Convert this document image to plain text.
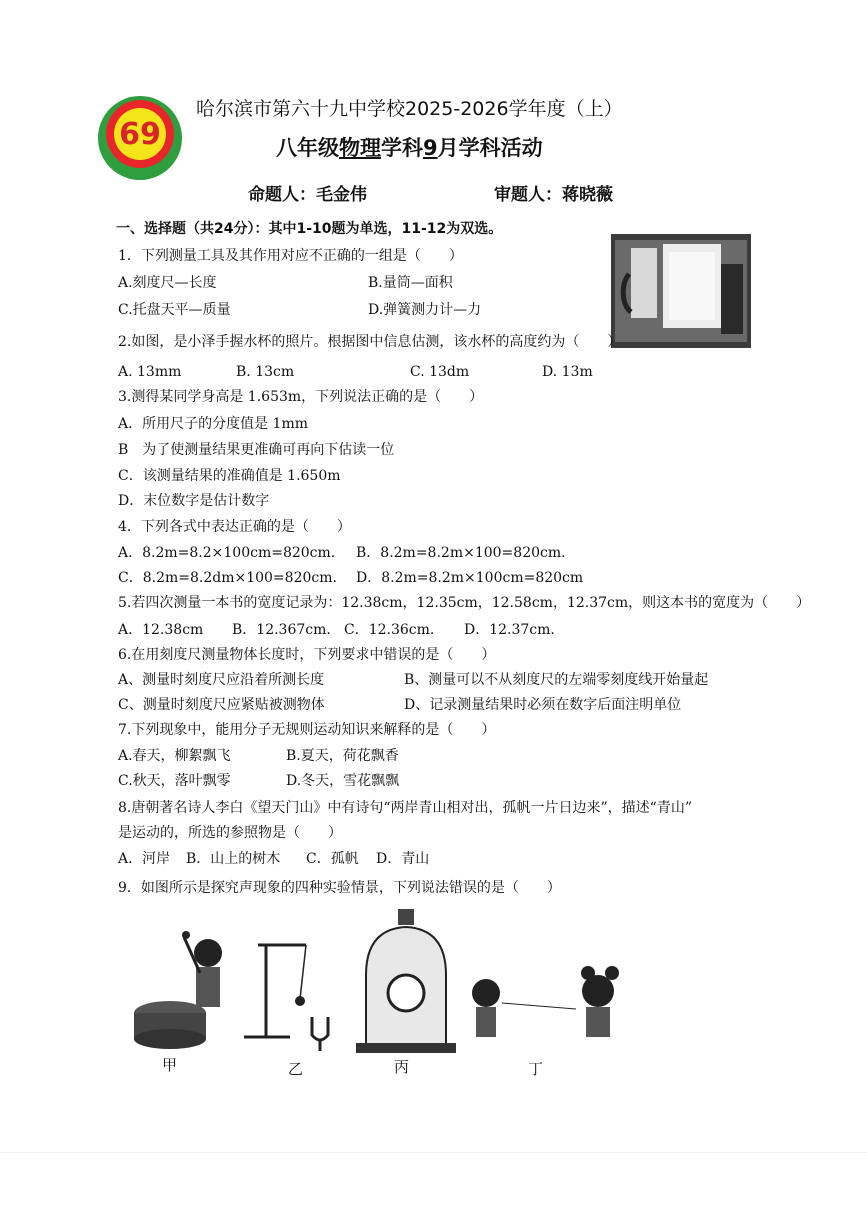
69
哈尔滨市第六十九中学校2025-2026学年度（上）
八年级物理学科9月学科活动
命题人：毛金伟	审题人：蒋晓薇
一、选择题（共24分）：其中1-10题为单选，11-12为双选。
1．下列测量工具及其作用对应不正确的一组是（　　）
A.刻度尺—长度	B.量筒—面积
C.托盘天平—质量	D.弹簧测力计—力
2.如图，是小泽手握水杯的照片。根据图中信息估测，该水杯的高度约为（　　）
A. 13mm	B. 13cm	C. 13dm	D. 13m
3.测得某同学身高是 1.653m，下列说法正确的是（　　）
A．所用尺子的分度值是 1mm
B　为了使测量结果更准确可再向下估读一位
C．该测量结果的准确值是 1.650m
D．末位数字是估计数字
4．下列各式中表达正确的是（　　）
A．8.2m=8.2×100cm=820cm. B．8.2m=8.2m×100=820cm.
C．8.2m=8.2dm×100=820cm. D．8.2m=8.2m×100cm=820cm
5.若四次测量一本书的宽度记录为：12.38cm，12.35cm，12.58cm，12.37cm，则这本书的宽度为（　　）
A．12.38cm B．12.367cm. C．12.36cm. D．12.37cm.
6.在用刻度尺测量物体长度时，下列要求中错误的是（　　）
A、测量时刻度尺应沿着所测长度	B、测量可以不从刻度尺的左端零刻度线开始量起
C、测量时刻度尺应紧贴被测物体	D、记录测量结果时必须在数字后面注明单位
7.下列现象中，能用分子无规则运动知识来解释的是（　　）
A.春天，柳絮飘飞	B.夏天，荷花飘香
C.秋天，落叶飘零	D.冬天，雪花飘飘
8.唐朝著名诗人李白《望天门山》中有诗句“两岸青山相对出，孤帆一片日边来”，描述“青山”
是运动的，所选的参照物是（　　）
A．河岸 B．山上的树木 C．孤帆 D．青山
9．如图所示是探究声现象的四种实验情景，下列说法错误的是（　　）
甲	乙	丙	丁
